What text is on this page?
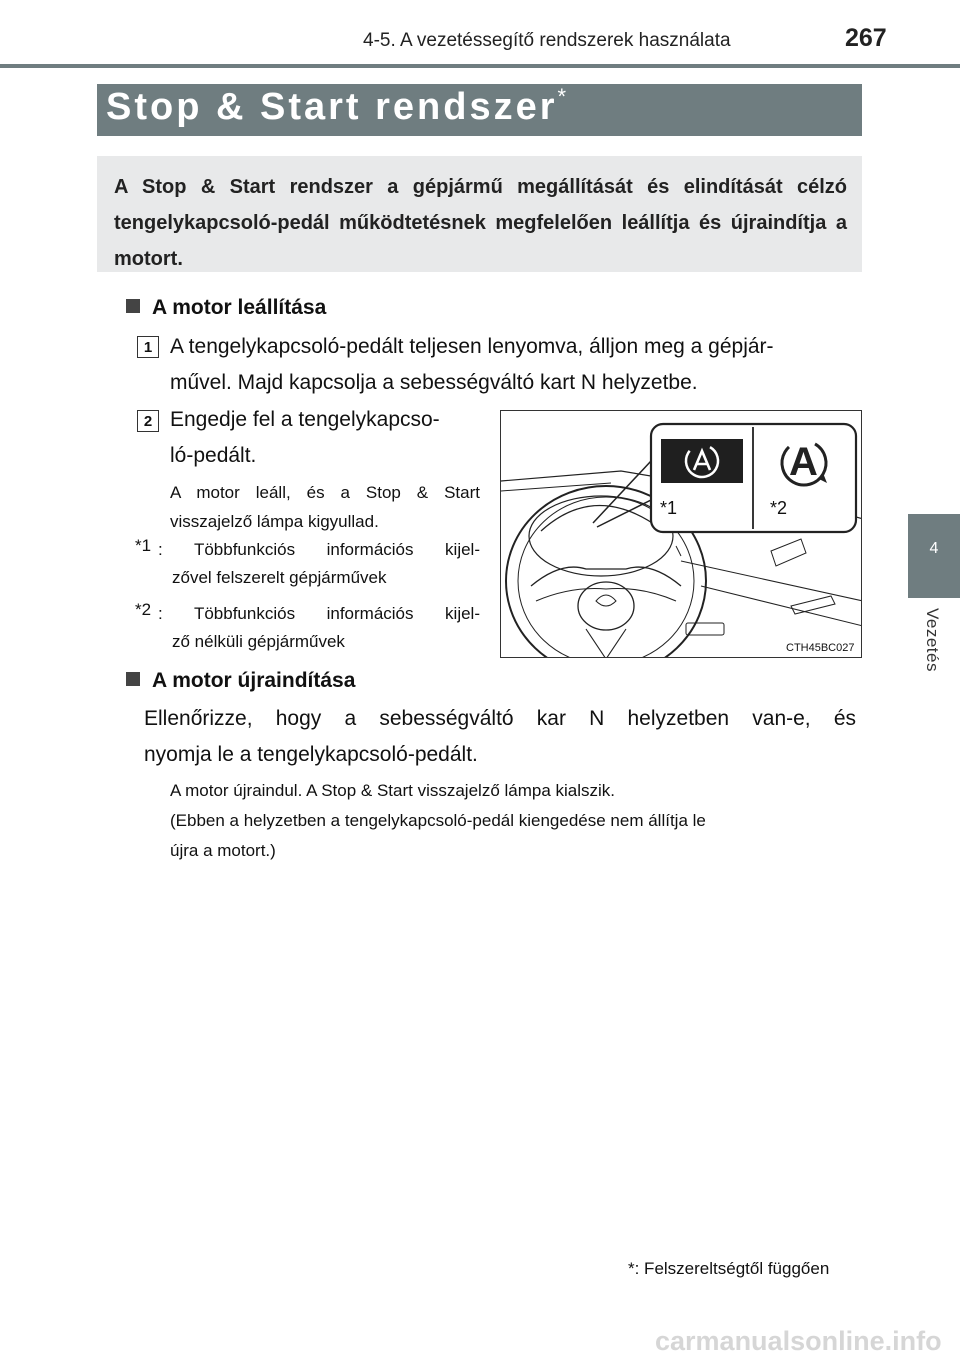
4-5. A vezetéssegítő rendszerek használata	267
4
Vezetés
Stop & Start rendszer*
A Stop & Start rendszer a gépjármű megállítását és elindítását célzó tengelykapcsoló-pedál működtetésnek megfelelően leállítja és újraindítja a motort.
A motor leállítása
1 A tengelykapcsoló-pedált teljesen lenyomva, álljon meg a gépjár-
művel. Majd kapcsolja a sebességváltó kart N helyzetbe.
2 Engedje fel a tengelykapcso-
ló-pedált.
A motor leáll, és a Stop & Start
visszajelző lámpa kigyullad.
*1 : Többfunkciós információs kijel-
zővel felszerelt gépjárművek
*2 : Többfunkciós információs kijel-
ző nélküli gépjárművek
*1	*2
A
CTH45BC027
A motor újraindítása
Ellenőrizze, hogy a sebességváltó kar N helyzetben van-e, és
nyomja le a tengelykapcsoló-pedált.
A motor újraindul. A Stop & Start visszajelző lámpa kialszik.
(Ebben a helyzetben a tengelykapcsoló-pedál kiengedése nem állítja le
újra a motort.)
*: Felszereltségtől függően
carmanualsonline.info
